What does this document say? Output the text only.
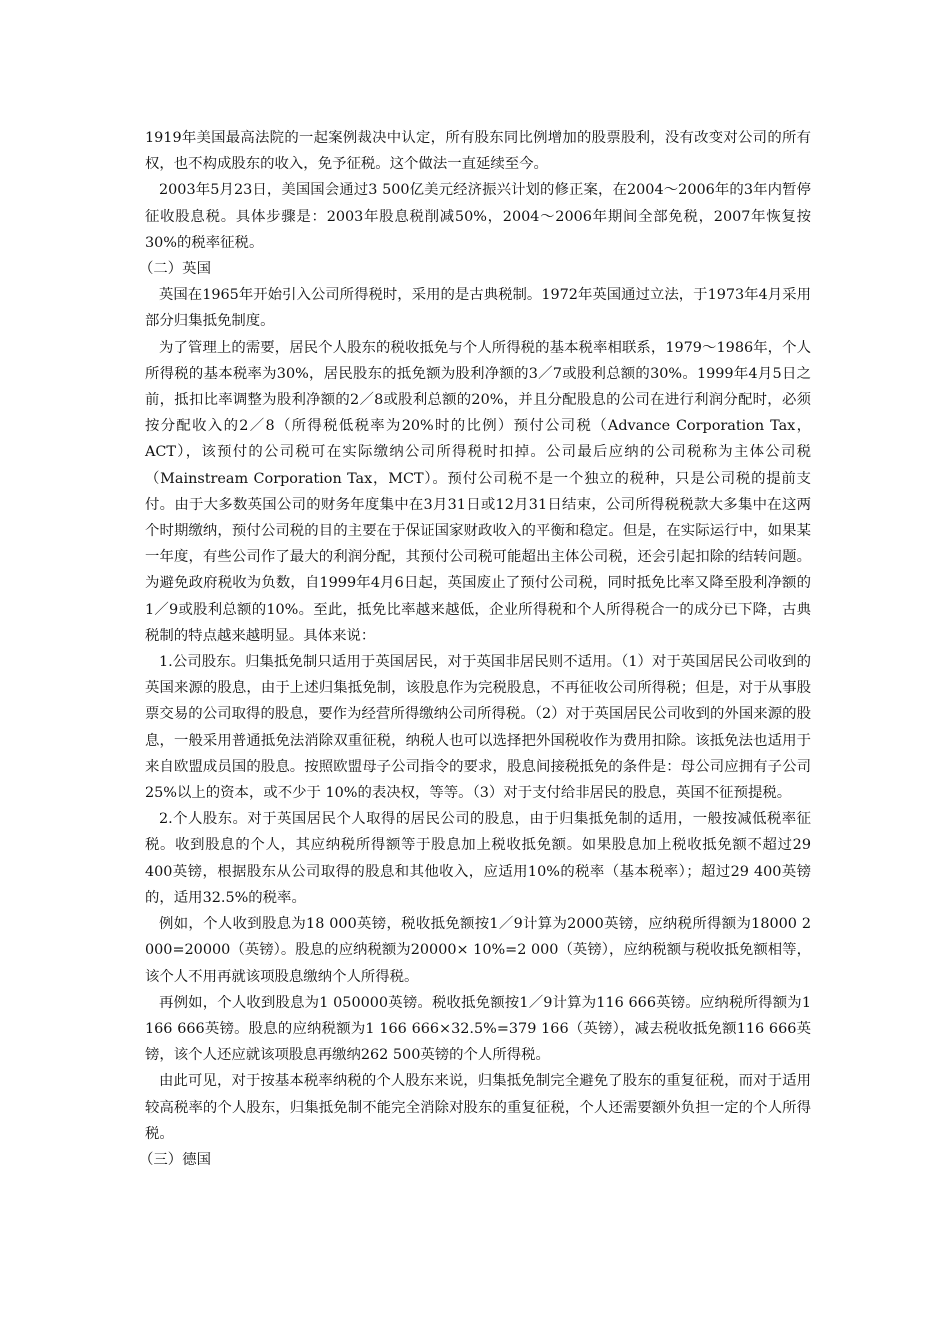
1919年美国最高法院的一起案例裁决中认定，所有股东同比例增加的股票股利，没有改变对公司的所有权，也不构成股东的收入，免予征税。这个做法一直延续至今。

2003年5月23日，美国国会通过3 500亿美元经济振兴计划的修正案，在2004～2006年的3年内暂停征收股息税。具体步骤是：2003年股息税削减50%，2004～2006年期间全部免税，2007年恢复按30%的税率征税。

（二）英国

英国在1965年开始引入公司所得税时，采用的是古典税制。1972年英国通过立法，于1973年4月采用部分归集抵免制度。

为了管理上的需要，居民个人股东的税收抵免与个人所得税的基本税率相联系，1979～1986年，个人所得税的基本税率为30%，居民股东的抵免额为股利净额的3／7或股利总额的30%。1999年4月5日之前，抵扣比率调整为股利净额的2／8或股利总额的20%，并且分配股息的公司在进行利润分配时，必须按分配收入的2／8（所得税低税率为20%时的比例）预付公司税（Advance Corporation Tax，ACT），该预付的公司税可在实际缴纳公司所得税时扣掉。公司最后应纳的公司税称为主体公司税（Mainstream Corporation Tax，MCT）。预付公司税不是一个独立的税种，只是公司税的提前支付。由于大多数英国公司的财务年度集中在3月31日或12月31日结束，公司所得税税款大多集中在这两个时期缴纳，预付公司税的目的主要在于保证国家财政收入的平衡和稳定。但是，在实际运行中，如果某一年度，有些公司作了最大的利润分配，其预付公司税可能超出主体公司税，还会引起扣除的结转问题。为避免政府税收为负数，自1999年4月6日起，英国废止了预付公司税，同时抵免比率又降至股利净额的1／9或股利总额的10%。至此，抵免比率越来越低，企业所得税和个人所得税合一的成分已下降，古典税制的特点越来越明显。具体来说：

1.公司股东。归集抵免制只适用于英国居民，对于英国非居民则不适用。（1）对于英国居民公司收到的英国来源的股息，由于上述归集抵免制，该股息作为完税股息，不再征收公司所得税；但是，对于从事股票交易的公司取得的股息，要作为经营所得缴纳公司所得税。（2）对于英国居民公司收到的外国来源的股息，一般采用普通抵免法消除双重征税，纳税人也可以选择把外国税收作为费用扣除。该抵免法也适用于来自欧盟成员国的股息。按照欧盟母子公司指令的要求，股息间接税抵免的条件是：母公司应拥有子公司 25%以上的资本，或不少于 10%的表决权，等等。（3）对于支付给非居民的股息，英国不征预提税。

2.个人股东。对于英国居民个人取得的居民公司的股息，由于归集抵免制的适用，一般按减低税率征税。收到股息的个人，其应纳税所得额等于股息加上税收抵免额。如果股息加上税收抵免额不超过29 400英镑，根据股东从公司取得的股息和其他收入，应适用10%的税率（基本税率）；超过29 400英镑的，适用32.5%的税率。

例如，个人收到股息为18 000英镑，税收抵免额按1／9计算为2000英镑，应纳税所得额为18000 2 000=20000（英镑）。股息的应纳税额为20000× 10%=2 000（英镑），应纳税额与税收抵免额相等，该个人不用再就该项股息缴纳个人所得税。

再例如，个人收到股息为1 050000英镑。税收抵免额按1／9计算为116 666英镑。应纳税所得额为1 166 666英镑。股息的应纳税额为1 166 666×32.5%=379 166（英镑），减去税收抵免额116 666英镑，该个人还应就该项股息再缴纳262 500英镑的个人所得税。

由此可见，对于按基本税率纳税的个人股东来说，归集抵免制完全避免了股东的重复征税，而对于适用较高税率的个人股东，归集抵免制不能完全消除对股东的重复征税，个人还需要额外负担一定的个人所得税。

（三）德国
